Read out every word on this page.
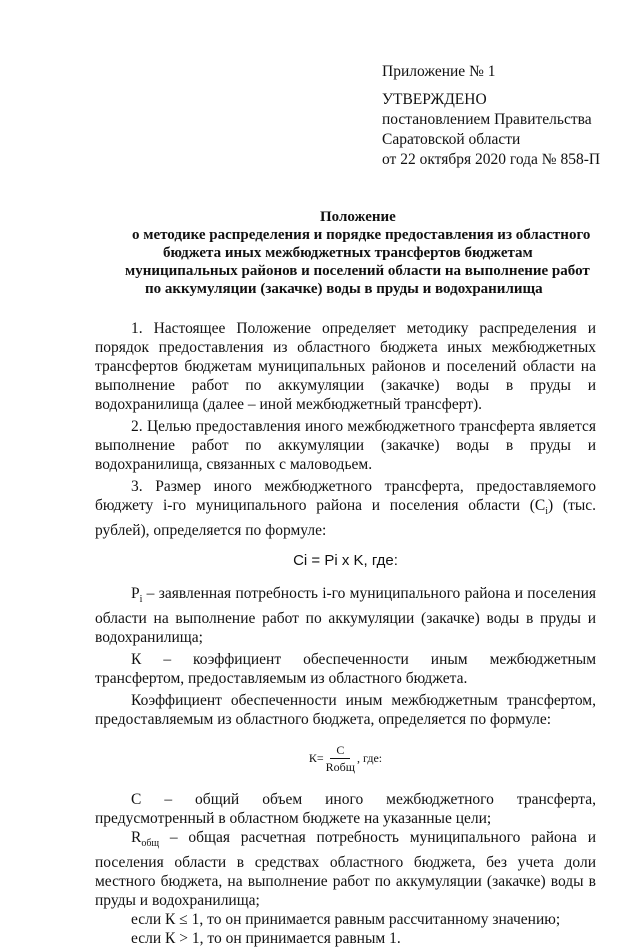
Приложение № 1
УТВЕРЖДЕНО
постановлением Правительства
Саратовской области
от 22 октября 2020 года № 858-П
Положение
о методике распределения и порядке предоставления из областного
бюджета иных межбюджетных трансфертов бюджетам
муниципальных районов и поселений области на выполнение работ
по аккумуляции (закачке) воды в пруды и водохранилища

1. Настоящее Положение определяет методику распределения и порядок предоставления из областного бюджета иных межбюджетных трансфертов бюджетам муниципальных районов и поселений области на выполнение работ по аккумуляции (закачке) воды в пруды и водохранилища (далее – иной межбюджетный трансферт).

2. Целью предоставления иного межбюджетного трансферта является выполнение работ по аккумуляции (закачке) воды в пруды и водохранилища, связанных с маловодьем.

3. Размер иного межбюджетного трансферта, предоставляемого бюджету i-го муниципального района и поселения области $(С_i)$ (тыс. рублей), определяется по формуле:

Ci = Pi x K, где:

$P_i$ – заявленная потребность i-го муниципального района и поселения области на выполнение работ по аккумуляции (закачке) воды в пруды и водохранилища;

К – коэффициент обеспеченности иным межбюджетным трансфертом, предоставляемым из областного бюджета.

Коэффициент обеспеченности иным межбюджетным трансфертом, предоставляемым из областного бюджета, определяется по формуле:

$К= \frac{С}{\text{Rобщ}}$ , где:

С – общий объем иного межбюджетного трансферта, предусмотренный в областном бюджете на указанные цели;

$R_{общ}$ – общая расчетная потребность муниципального района и поселения области в средствах областного бюджета, без учета доли местного бюджета, на выполнение работ по аккумуляции (закачке) воды в пруды и водохранилища;

если К ≤ 1, то он принимается равным рассчитанному значению;

если К > 1, то он принимается равным 1.
